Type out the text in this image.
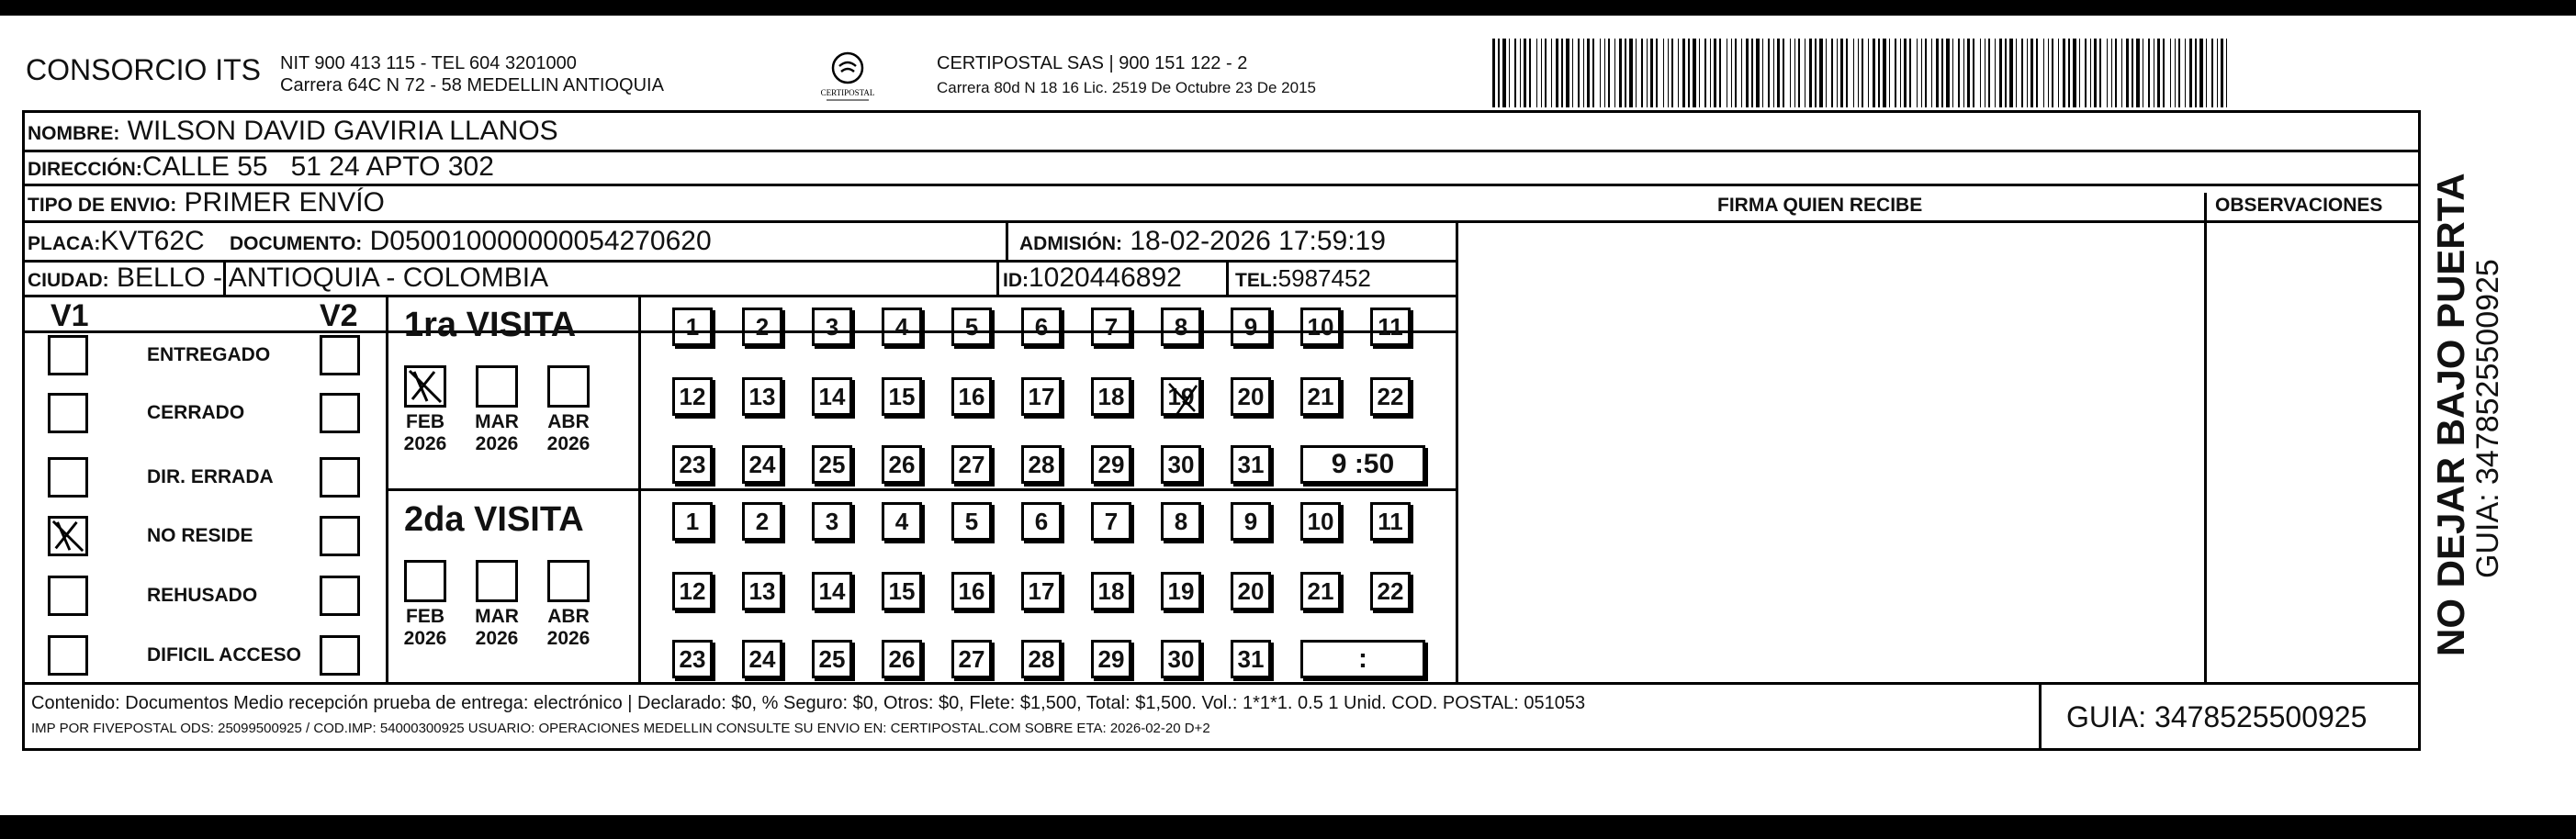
CONSORCIO ITS NIT 900 413 115 - TEL 604 3201000
Carrera 64C N 72 - 58 MEDELLIN ANTIOQUIA	CERTIPOSTAL
CERTIPOSTAL SAS | 900 151 122 - 2
Carrera 80d N 18 16 Lic. 2519 De Octubre 23 De 2015
NOMBRE: WILSON DAVID GAVIRIA LLANOS
DIRECCIÓN:CALLE 55   51 24 APTO 302
TIPO DE ENVIO: PRIMER ENVÍO	FIRMA QUIEN RECIBE	OBSERVACIONES
PLACA:KVT62C DOCUMENTO: D050010000000054270620	ADMISIÓN: 18-02-2026 17:59:19
CIUDAD: BELLO - ANTIOQUIA - COLOMBIA	ID:1020446892	TEL:5987452
V1	V2 1ra VISITA
2da VISITA
Contenido: Documentos Medio recepción prueba de entrega: electrónico | Declarado: $0, % Seguro: $0, Otros: $0, Flete: $1,500, Total: $1,500. Vol.: 1*1*1. 0.5 1 Unid. COD. POSTAL: 051053
IMP POR FIVEPOSTAL ODS: 25099500925 / COD.IMP: 54000300925 USUARIO: OPERACIONES MEDELLIN CONSULTE SU ENVIO EN: CERTIPOSTAL.COM SOBRE ETA: 2026-02-20 D+2	GUIA: 3478525500925
NO DEJAR BAJO PUERTA
GUIA: 3478525500925
ENTREGADO
CERRADO
DIR. ERRADA
NO RESIDE
REHUSADO
DIFICIL ACCESO
FEB
2026
MAR
2026
ABR
2026
1	2	3	4	5	6	7	8	9	10	11
12 13 14 15 16 17 18 19 20 21 22
23 24 25 26 27 28 29 30 31	9 :50
FEB
2026
MAR
2026
ABR
2026
1	2	3	4	5	6	7	8	9	10	11
12 13 14 15 16 17 18 19 20 21 22
23 24 25 26 27 28 29 30 31	:
